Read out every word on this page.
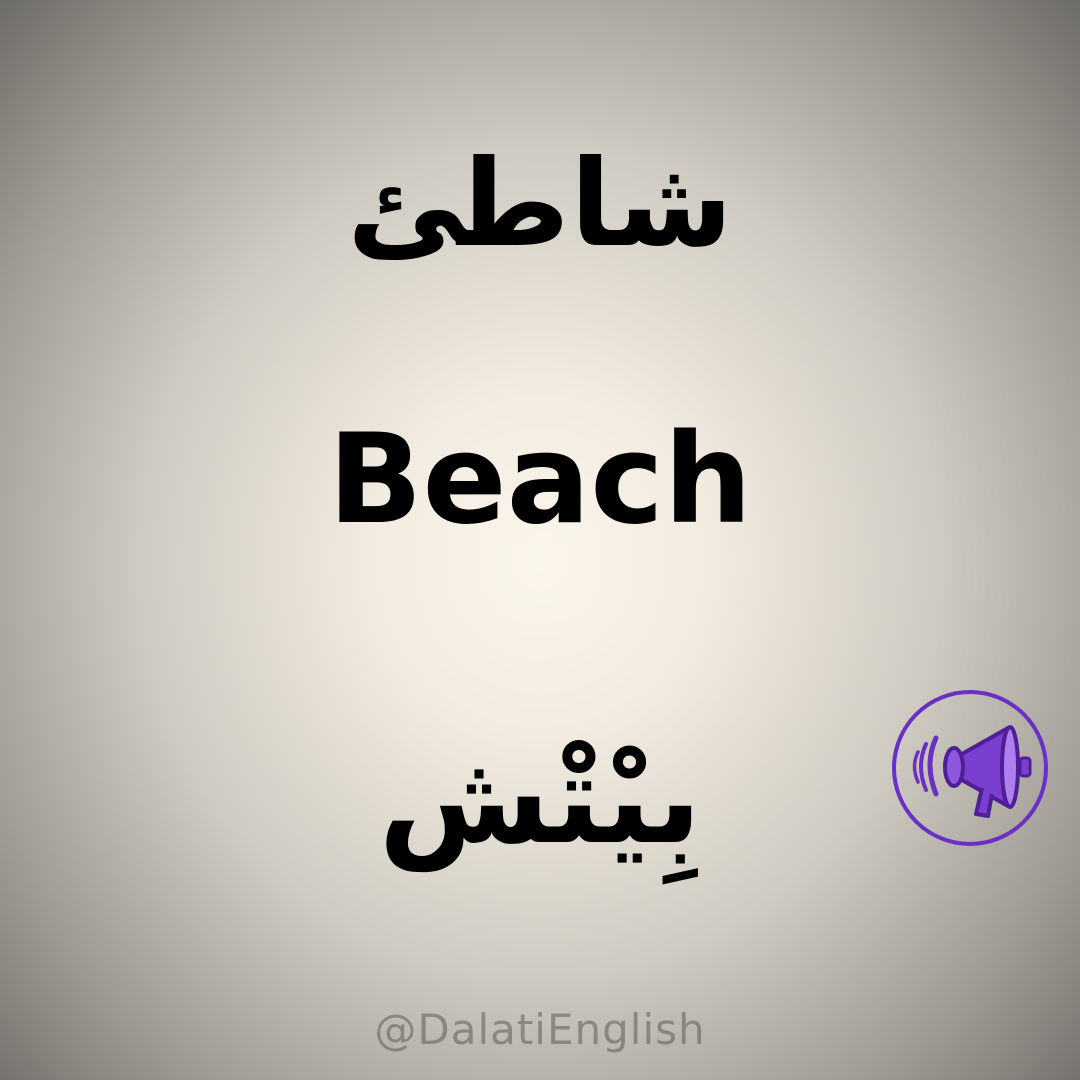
شاطئ
Beach
بِيْتْش
@DalatiEnglish
